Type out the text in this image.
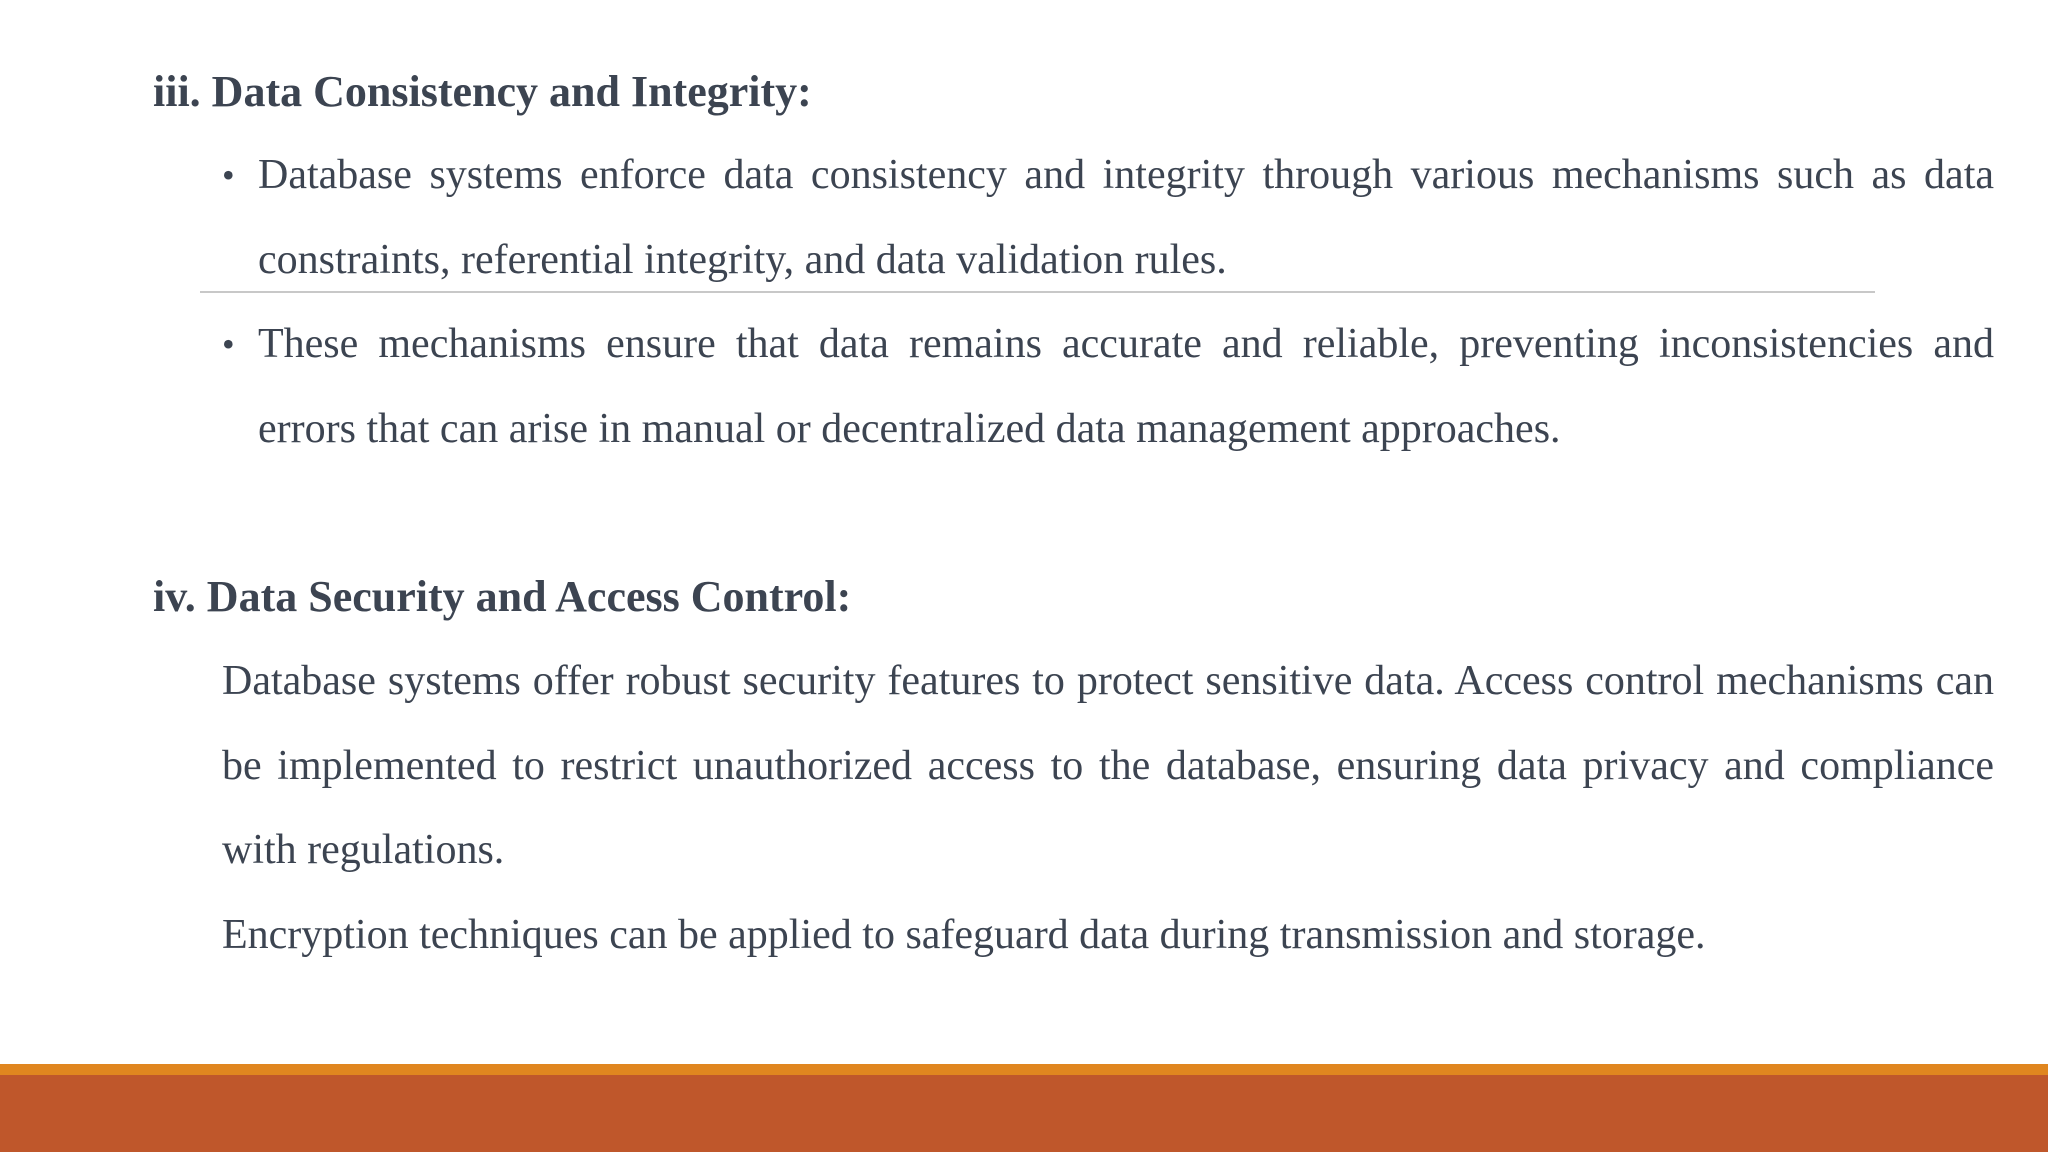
iii. Data Consistency and Integrity:
• Database systems enforce data consistency and integrity through various mechanisms such as data constraints, referential integrity, and data validation rules.
• These mechanisms ensure that data remains accurate and reliable, preventing inconsistencies and errors that can arise in manual or decentralized data management approaches.
iv. Data Security and Access Control:
Database systems offer robust security features to protect sensitive data. Access control mechanisms can be implemented to restrict unauthorized access to the database, ensuring data privacy and compliance with regulations.
Encryption techniques can be applied to safeguard data during transmission and storage.
